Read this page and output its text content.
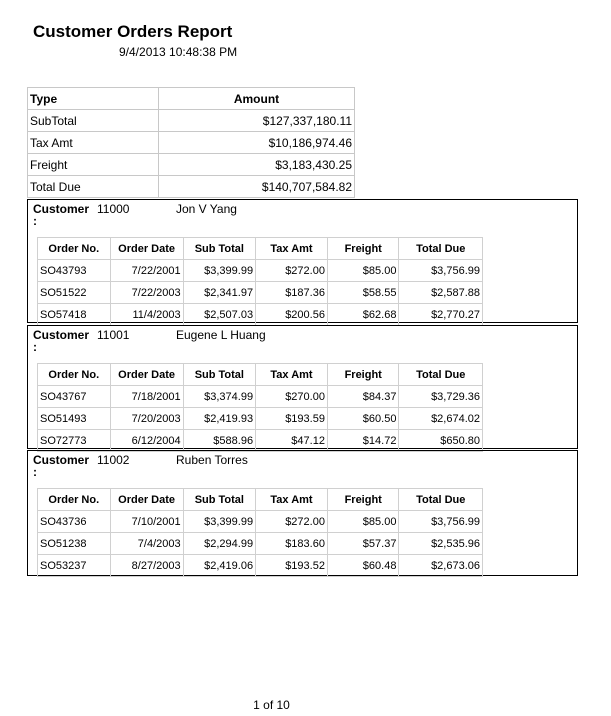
Customer Orders Report
9/4/2013 10:48:38 PM
Type	Amount
SubTotal	$127,337,180.11
Tax Amt	$10,186,974.46
Freight	$3,183,430.25
Total Due	$140,707,584.82
Customer :
11000	Jon V Yang
Order No.	Order Date	Sub Total	Tax Amt	Freight	Total Due
SO43793	7/22/2001	$3,399.99	$272.00	$85.00	$3,756.99
SO51522	7/22/2003	$2,341.97	$187.36	$58.55	$2,587.88
SO57418	11/4/2003	$2,507.03	$200.56	$62.68	$2,770.27
Customer :
11001	Eugene L Huang
Order No.	Order Date	Sub Total	Tax Amt	Freight	Total Due
SO43767	7/18/2001	$3,374.99	$270.00	$84.37	$3,729.36
SO51493	7/20/2003	$2,419.93	$193.59	$60.50	$2,674.02
SO72773	6/12/2004	$588.96	$47.12	$14.72	$650.80
Customer :
11002	Ruben Torres
Order No.	Order Date	Sub Total	Tax Amt	Freight	Total Due
SO43736	7/10/2001	$3,399.99	$272.00	$85.00	$3,756.99
SO51238	7/4/2003	$2,294.99	$183.60	$57.37	$2,535.96
SO53237	8/27/2003	$2,419.06	$193.52	$60.48	$2,673.06
1 of 10
